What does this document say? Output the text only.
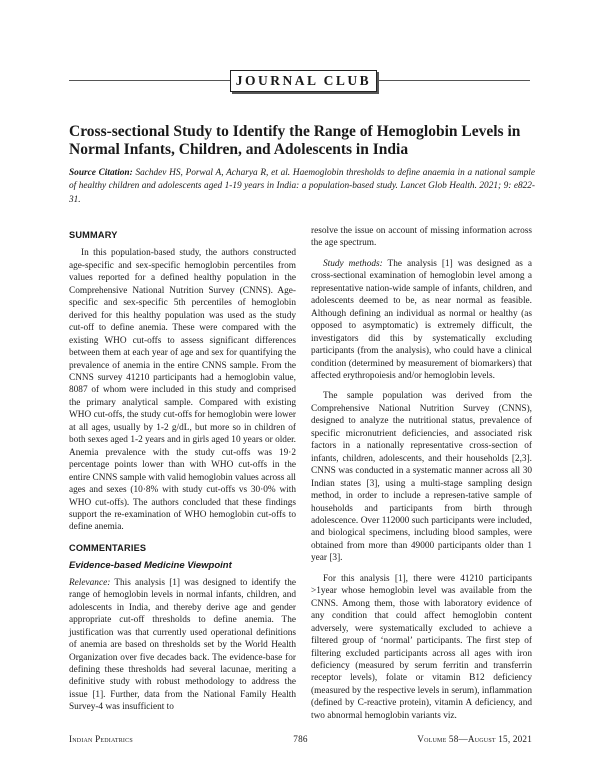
JOURNAL CLUB
Cross-sectional Study to Identify the Range of Hemoglobin Levels in Normal Infants, Children, and Adolescents in India
Source Citation: Sachdev HS, Porwal A, Acharya R, et al. Haemoglobin thresholds to define anaemia in a national sample of healthy children and adolescents aged 1-19 years in India: a population-based study. Lancet Glob Health. 2021; 9: e822-31.
SUMMARY

In this population-based study, the authors constructed age-specific and sex-specific hemoglobin percentiles from values reported for a defined healthy population in the Comprehensive National Nutrition Survey (CNNS). Age-specific and sex-specific 5th percentiles of hemoglobin derived for this healthy population was used as the study cut-off to define anemia. These were compared with the existing WHO cut-offs to assess significant differences between them at each year of age and sex for quantifying the prevalence of anemia in the entire CNNS sample. From the CNNS survey 41210 participants had a hemoglobin value, 8087 of whom were included in this study and comprised the primary analytical sample. Compared with existing WHO cut-offs, the study cut-offs for hemoglobin were lower at all ages, usually by 1-2 g/dL, but more so in children of both sexes aged 1-2 years and in girls aged 10 years or older. Anemia prevalence with the study cut-offs was 19·2 percentage points lower than with WHO cut-offs in the entire CNNS sample with valid hemoglobin values across all ages and sexes (10·8% with study cut-offs vs 30·0% with WHO cut-offs). The authors concluded that these findings support the re-examination of WHO hemoglobin cut-offs to define anemia.

COMMENTARIES
Evidence-based Medicine Viewpoint

Relevance: This analysis [1] was designed to identify the range of hemoglobin levels in normal infants, children, and adolescents in India, and thereby derive age and gender appropriate cut-off thresholds to define anemia. The justification was that currently used operational definitions of anemia are based on thresholds set by the World Health Organization over five decades back. The evidence-base for defining these thresholds had several lacunae, meriting a definitive study with robust methodology to address the issue [1]. Further, data from the National Family Health Survey-4 was insufficient to

resolve the issue on account of missing information across the age spectrum.

Study methods: The analysis [1] was designed as a cross-sectional examination of hemoglobin level among a representative nation-wide sample of infants, children, and adolescents deemed to be, as near normal as feasible. Although defining an individual as normal or healthy (as opposed to asymptomatic) is extremely difficult, the investigators did this by systematically excluding participants (from the analysis), who could have a clinical condition (determined by measurement of biomarkers) that affected erythropoiesis and/or hemoglobin levels.

The sample population was derived from the Comprehensive National Nutrition Survey (CNNS), designed to analyze the nutritional status, prevalence of specific micronutrient deficiencies, and associated risk factors in a nationally representative cross-section of infants, children, adolescents, and their households [2,3]. CNNS was conducted in a systematic manner across all 30 Indian states [3], using a multi-stage sampling design method, in order to include a represen-tative sample of households and participants from birth through adolescence. Over 112000 such participants were included, and biological specimens, including blood samples, were obtained from more than 49000 participants older than 1 year [3].

For this analysis [1], there were 41210 participants >1year whose hemoglobin level was available from the CNNS. Among them, those with laboratory evidence of any condition that could affect hemoglobin content adversely, were systematically excluded to achieve a filtered group of ‘normal’ participants. The first step of filtering excluded participants across all ages with iron deficiency (measured by serum ferritin and transferrin receptor levels), folate or vitamin B12 deficiency (measured by the respective levels in serum), inflammation (defined by C-reactive protein), vitamin A deficiency, and two abnormal hemoglobin variants viz.

Indian Pediatrics	786	Volume 58—August 15, 2021
